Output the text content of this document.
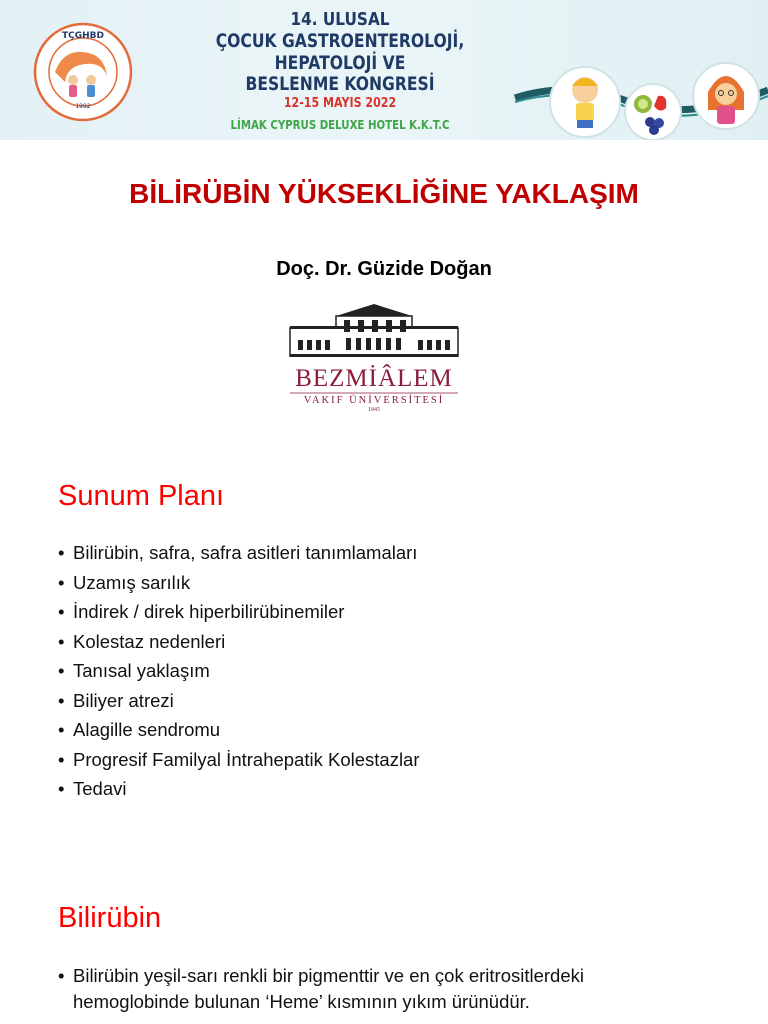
TÇGHBD
1992
14. ULUSAL
ÇOCUK GASTROENTEROLOJİ, HEPATOLOJİ VE
BESLENME KONGRESİ
12-15 MAYIS 2022
LİMAK CYPRUS DELUXE HOTEL K.K.T.C
BİLİRÜBİN YÜKSEKLİĞİNE YAKLAŞIM
Doç. Dr. Güzide Doğan
BEZMİÂLEM
VAKIF ÜNİVERSİTESİ
1845
Sunum Planı
• Bilirübin, safra, safra asitleri tanımlamaları
• Uzamış sarılık
• İndirek / direk hiperbilirübinemiler
• Kolestaz nedenleri
• Tanısal yaklaşım
• Biliyer atrezi
• Alagille sendromu
• Progresif Familyal İntrahepatik Kolestazlar
• Tedavi
Bilirübin

• Bilirübin yeşil-sarı renkli bir pigmenttir ve en çok eritrositlerdeki hemoglobinde bulunan ‘Heme’ kısmının yıkım ürünüdür.
